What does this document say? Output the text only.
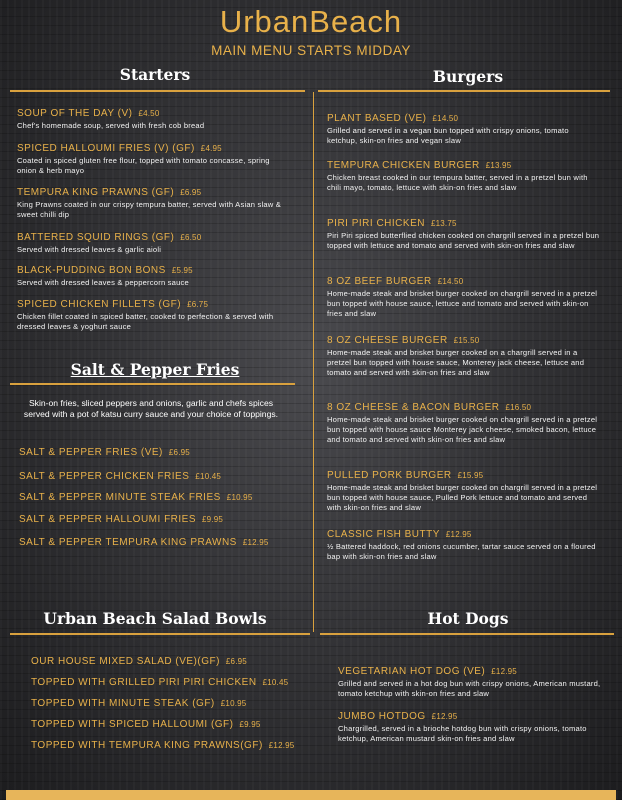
UrbanBeach
MAIN MENU STARTS MIDDAY
Starters
SOUP OF THE DAY (V) £4.50
Chef's homemade soup, served with fresh cob bread
SPICED HALLOUMI FRIES (V) (GF) £4.95
Coated in spiced gluten free flour, topped with tomato concasse, spring onion & herb mayo
TEMPURA KING PRAWNS (GF) £6.95
King Prawns coated in our crispy tempura batter, served with Asian slaw & sweet chilli dip
BATTERED SQUID RINGS (GF) £6.50
Served with dressed leaves & garlic aioli
BLACK-PUDDING BON BONS £5.95
Served with dressed leaves & peppercorn sauce
SPICED CHICKEN FILLETS (GF) £6.75
Chicken fillet coated in spiced batter, cooked to perfection & served with dressed leaves & yoghurt sauce
Salt & Pepper Fries
Skin-on fries, sliced peppers and onions, garlic and chefs spices served with a pot of katsu curry sauce and your choice of toppings.
SALT & PEPPER FRIES (VE) £6.95
SALT & PEPPER CHICKEN FRIES £10.45
SALT & PEPPER MINUTE STEAK FRIES £10.95
SALT & PEPPER HALLOUMI FRIES £9.95
SALT & PEPPER TEMPURA KING PRAWNS £12.95
Burgers
PLANT BASED (VE) £14.50
Grilled and served in a vegan bun topped with crispy onions, tomato ketchup, skin-on fries and vegan slaw
TEMPURA CHICKEN BURGER £13.95
Chicken breast cooked in our tempura batter, served in a pretzel bun with chili mayo, tomato, lettuce with skin-on fries and slaw
PIRI PIRI CHICKEN £13.75
Piri Piri spiced butterflied chicken cooked on chargrill served in a pretzel bun topped with lettuce and tomato and served with skin-on fries and slaw
8 OZ BEEF BURGER £14.50
Home-made steak and brisket burger cooked on chargrill served in a pretzel bun topped with house sauce, lettuce and tomato and served with skin-on fries and slaw
8 OZ CHEESE BURGER £15.50
Home-made steak and brisket burger cooked on a chargrill served in a pretzel bun topped with house sauce, Monterey jack cheese, lettuce and tomato and served with skin-on fries and slaw
8 OZ CHEESE & BACON BURGER £16.50
Home-made steak and brisket burger cooked on chargrill served in a pretzel bun topped with house sauce Monterey jack cheese, smoked bacon, lettuce and tomato and served with skin-on fries and slaw
PULLED PORK BURGER £15.95
Home-made steak and brisket burger cooked on chargrill served in a pretzel bun topped with house sauce, Pulled Pork lettuce and tomato and served with skin-on fries and slaw
CLASSIC FISH BUTTY £12.95
½ Battered haddock, red onions cucumber, tartar sauce served on a floured bap with skin-on fries and slaw
Urban Beach Salad Bowls
OUR HOUSE MIXED SALAD (VE)(GF) £6.95
TOPPED WITH GRILLED PIRI PIRI CHICKEN £10.45
TOPPED WITH MINUTE STEAK (GF) £10.95
TOPPED WITH SPICED HALLOUMI (GF) £9.95
TOPPED WITH TEMPURA KING PRAWNS(GF) £12.95
Hot Dogs
VEGETARIAN HOT DOG (VE) £12.95
Grilled and served in a hot dog bun with crispy onions, American mustard, tomato ketchup with skin-on fries and slaw
JUMBO HOTDOG £12.95
Chargrilled, served in a brioche hotdog bun with crispy onions, tomato ketchup, American mustard skin-on fries and slaw
